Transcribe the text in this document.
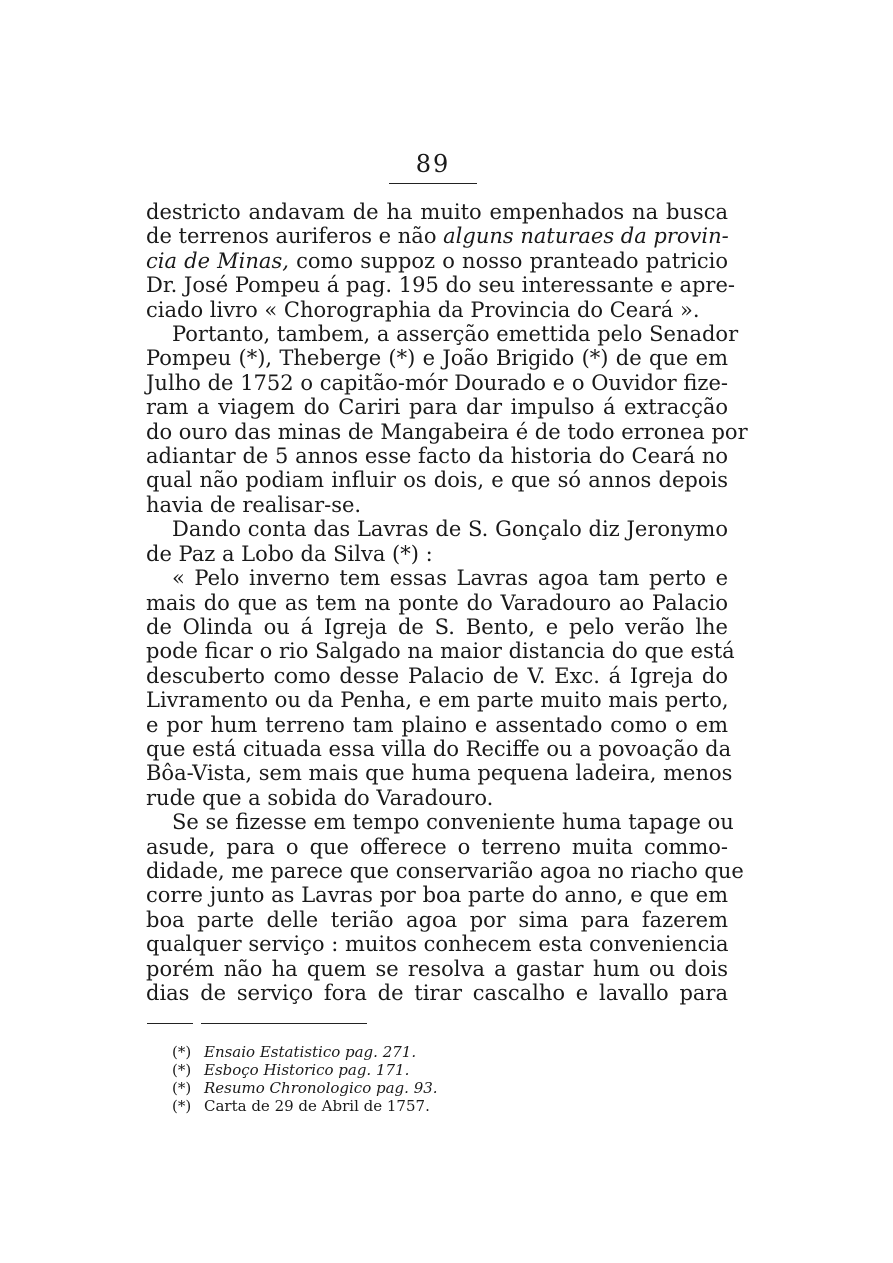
89
destricto andavam de ha muito empenhados na busca
de terrenos auriferos e não alguns naturaes da provin-
cia de Minas, como suppoz o nosso pranteado patricio
Dr. José Pompeu á pag. 195 do seu interessante e apre-
ciado livro « Chorographia da Provincia do Ceará ».
Portanto, tambem, a asserção emettida pelo Senador
Pompeu (*), Theberge (*) e João Brigido (*) de que em
Julho de 1752 o capitão-mór Dourado e o Ouvidor fize-
ram a viagem do Cariri para dar impulso á extracção
do ouro das minas de Mangabeira é de todo erronea por
adiantar de 5 annos esse facto da historia do Ceará no
qual não podiam influir os dois, e que só annos depois
havia de realisar-se.
Dando conta das Lavras de S. Gonçalo diz Jeronymo
de Paz a Lobo da Silva (*) :
« Pelo inverno tem essas Lavras agoa tam perto e
mais do que as tem na ponte do Varadouro ao Palacio
de Olinda ou á Igreja de S. Bento, e pelo verão lhe
pode ficar o rio Salgado na maior distancia do que está
descuberto como desse Palacio de V. Exc. á Igreja do
Livramento ou da Penha, e em parte muito mais perto,
e por hum terreno tam plaino e assentado como o em
que está cituada essa villa do Reciffe ou a povoação da
Bôa-Vista, sem mais que huma pequena ladeira, menos
rude que a sobida do Varadouro.
Se se fizesse em tempo conveniente huma tapage ou
asude, para o que offerece o terreno muita commo-
didade, me parece que conservarião agoa no riacho que
corre junto as Lavras por boa parte do anno, e que em
boa parte delle terião agoa por sima para fazerem
qualquer serviço : muitos conhecem esta conveniencia
porém não ha quem se resolva a gastar hum ou dois
dias de serviço fora de tirar cascalho e lavallo para
(*) Ensaio Estatistico pag. 271.
(*) Esboço Historico pag. 171.
(*) Resumo Chronologico pag. 93.
(*) Carta de 29 de Abril de 1757.
